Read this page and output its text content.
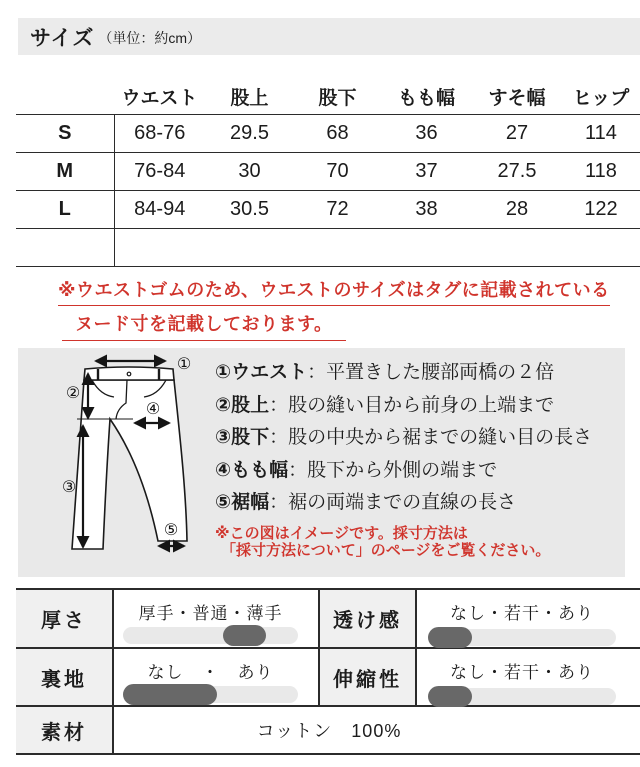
サイズ （単位：約cm）
	ウエスト	股上	股下	もも幅	すそ幅	ヒップ
S	68-76	29.5	68	36	27	114
M	76-84	30	70	37	27.5	118
L	84-94	30.5	72	38	28	122

※ウエストゴムのため、ウエストのサイズはタグに記載されている
ヌード寸を記載しております。
①
②
③
④
⑤
①ウエスト：平置きした腰部両橋の２倍
②股上：股の縫い目から前身の上端まで
③股下：股の中央から裾までの縫い目の長さ
④もも幅：股下から外側の端まで
⑤裾幅：裾の両端までの直線の長さ
※この図はイメージです。採寸方法は
「採寸方法について」のページをご覧ください。
厚さ	厚手・普通・薄手	透け感	なし・若干・あり
裏地	なし　・　あり	伸縮性	なし・若干・あり
素材	コットン　100%
